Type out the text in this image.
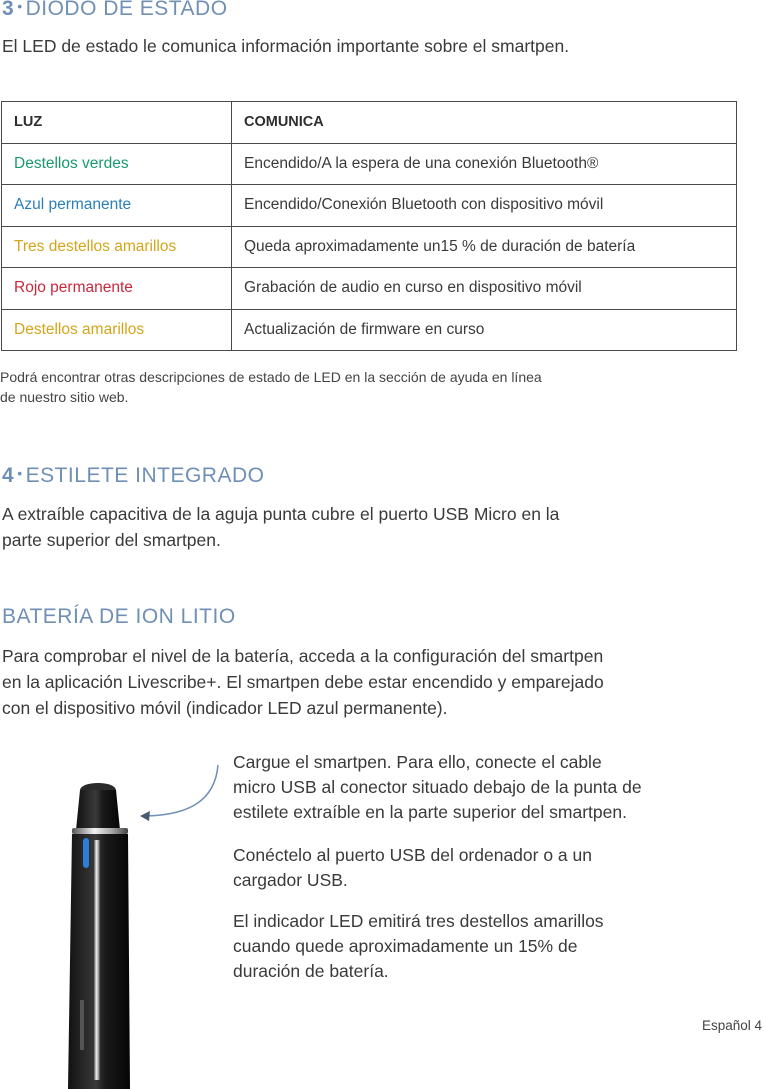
3 • DIODO DE ESTADO
El LED de estado le comunica información importante sobre el smartpen.
LUZ	COMUNICA
Destellos verdes	Encendido/A la espera de una conexión Bluetooth®
Azul permanente	Encendido/Conexión Bluetooth con dispositivo móvil
Tres destellos amarillos	Queda aproximadamente un15 % de duración de batería
Rojo permanente	Grabación de audio en curso en dispositivo móvil
Destellos amarillos	Actualización de firmware en curso
Podrá encontrar otras descripciones de estado de LED en la sección de ayuda en línea
de nuestro sitio web.
4 • ESTILETE INTEGRADO
A extraíble capacitiva de la aguja punta cubre el puerto USB Micro en la
parte superior del smartpen.
BATERÍA DE ION LITIO
Para comprobar el nivel de la batería, acceda a la configuración del smartpen
en la aplicación Livescribe+. El smartpen debe estar encendido y emparejado
con el dispositivo móvil (indicador LED azul permanente).
Cargue el smartpen. Para ello, conecte el cable
micro USB al conector situado debajo de la punta de
estilete extraíble en la parte superior del smartpen.
Conéctelo al puerto USB del ordenador o a un
cargador USB.
El indicador LED emitirá tres destellos amarillos
cuando quede aproximadamente un 15% de
duración de batería.
Español 4
